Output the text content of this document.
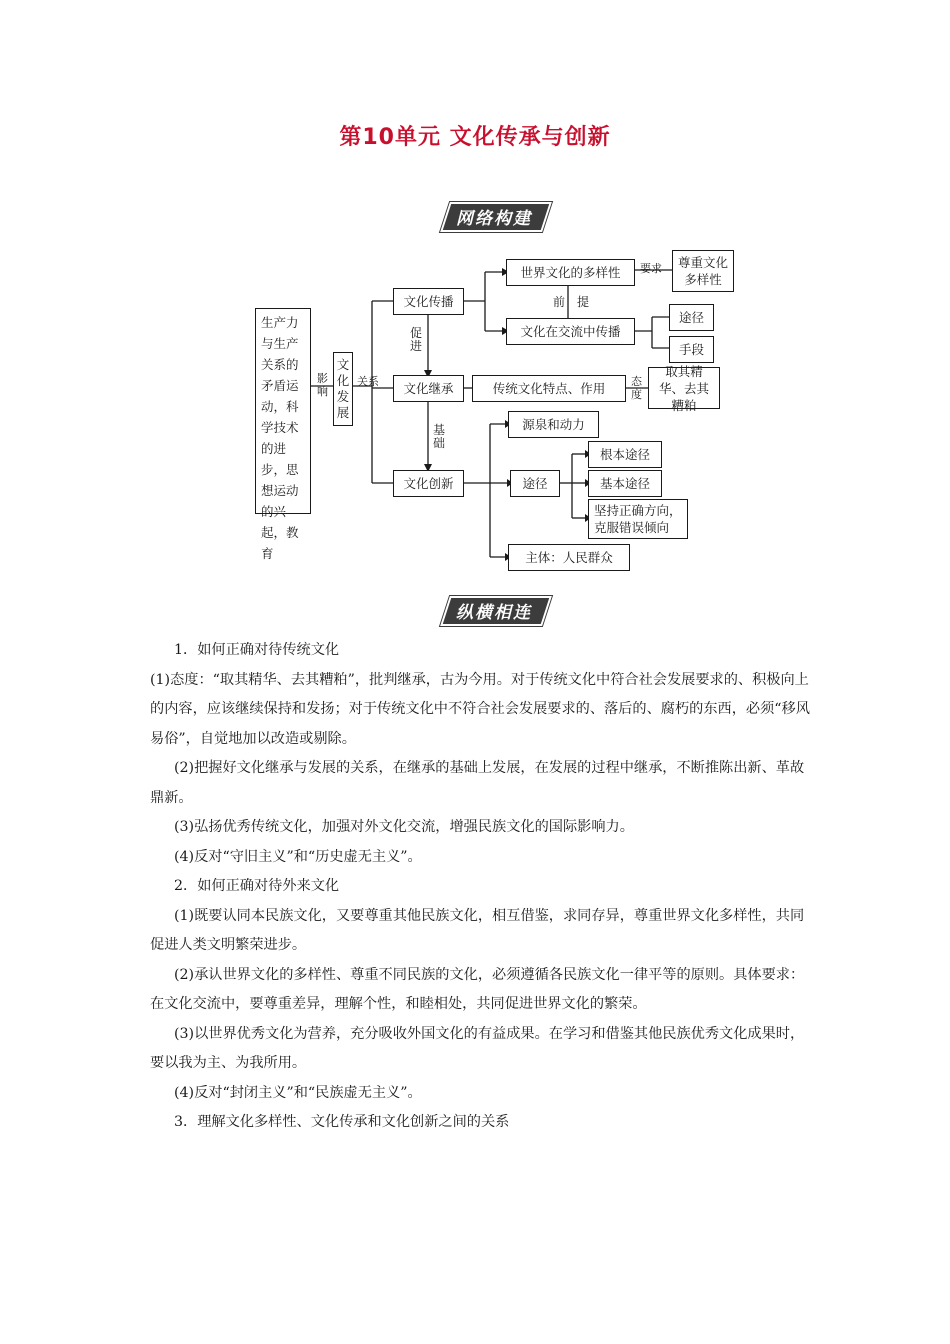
第10单元 文化传承与创新
网络构建
生产力与生产关系的矛盾运动，科学技术的进步，思想运动的兴起，教育
影响
文化发展
关系
文化传播
文化继承
文化创新
促进
基础
世界文化的多样性	要求	尊重文化多样性
前　提
文化在交流中传播
途径
手段
传统文化特点、作用	态度
取其精华、去其糟粕
源泉和动力
途径
根本途径
基本途径
坚持正确方向，克服错误倾向
主体：人民群众
纵横相连

1．如何正确对待传统文化

(1)态度：“取其精华、去其糟粕”，批判继承，古为今用。对于传统文化中符合社会发展要求的、积极向上的内容，应该继续保持和发扬；对于传统文化中不符合社会发展要求的、落后的、腐朽的东西，必须“移风易俗”，自觉地加以改造或剔除。

(2)把握好文化继承与发展的关系，在继承的基础上发展，在发展的过程中继承，不断推陈出新、革故鼎新。

(3)弘扬优秀传统文化，加强对外文化交流，增强民族文化的国际影响力。

(4)反对“守旧主义”和“历史虚无主义”。

2．如何正确对待外来文化

(1)既要认同本民族文化，又要尊重其他民族文化，相互借鉴，求同存异，尊重世界文化多样性，共同促进人类文明繁荣进步。

(2)承认世界文化的多样性、尊重不同民族的文化，必须遵循各民族文化一律平等的原则。具体要求：在文化交流中，要尊重差异，理解个性，和睦相处，共同促进世界文化的繁荣。

(3)以世界优秀文化为营养，充分吸收外国文化的有益成果。在学习和借鉴其他民族优秀文化成果时，要以我为主、为我所用。

(4)反对“封闭主义”和“民族虚无主义”。

3．理解文化多样性、文化传承和文化创新之间的关系
